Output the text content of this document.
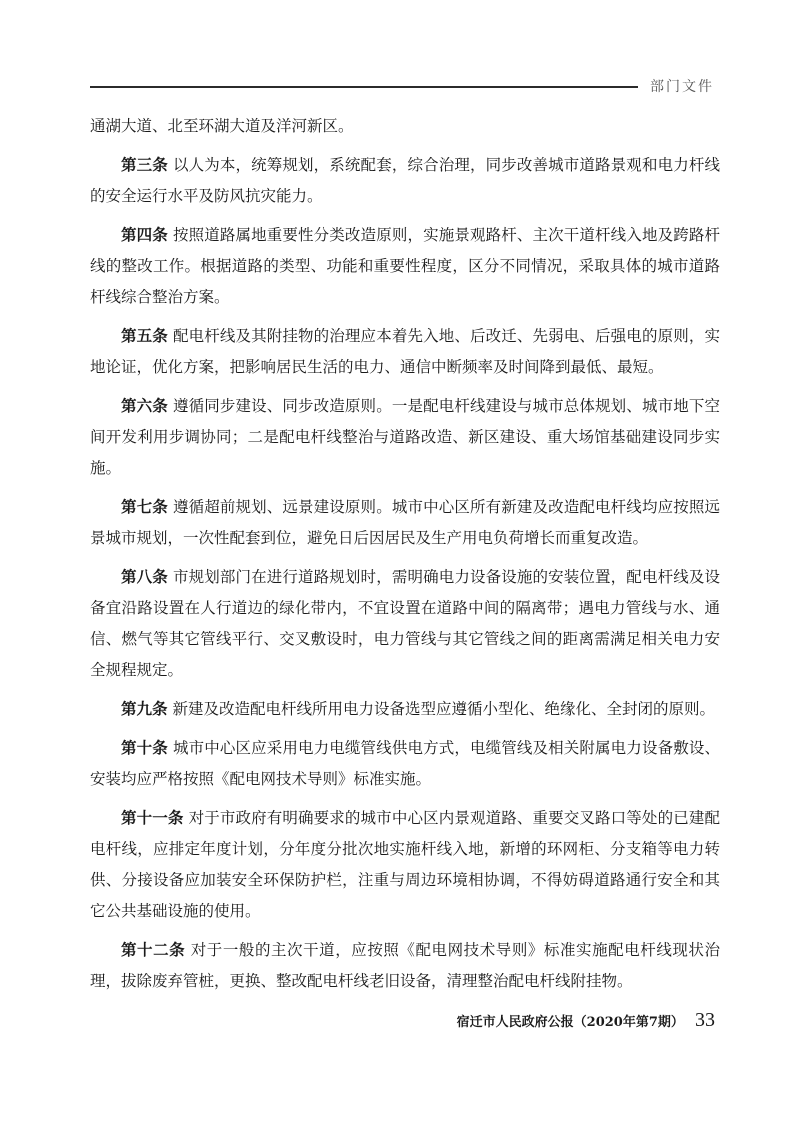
部门文件

通湖大道、北至环湖大道及洋河新区。

第三条 以人为本，统筹规划，系统配套，综合治理，同步改善城市道路景观和电力杆线的安全运行水平及防风抗灾能力。

第四条 按照道路属地重要性分类改造原则，实施景观路杆、主次干道杆线入地及跨路杆线的整改工作。根据道路的类型、功能和重要性程度，区分不同情况，采取具体的城市道路杆线综合整治方案。

第五条 配电杆线及其附挂物的治理应本着先入地、后改迁、先弱电、后强电的原则，实地论证，优化方案，把影响居民生活的电力、通信中断频率及时间降到最低、最短。

第六条 遵循同步建设、同步改造原则。一是配电杆线建设与城市总体规划、城市地下空间开发利用步调协同；二是配电杆线整治与道路改造、新区建设、重大场馆基础建设同步实施。

第七条 遵循超前规划、远景建设原则。城市中心区所有新建及改造配电杆线均应按照远景城市规划，一次性配套到位，避免日后因居民及生产用电负荷增长而重复改造。

第八条 市规划部门在进行道路规划时，需明确电力设备设施的安装位置，配电杆线及设备宜沿路设置在人行道边的绿化带内，不宜设置在道路中间的隔离带；遇电力管线与水、通信、燃气等其它管线平行、交叉敷设时，电力管线与其它管线之间的距离需满足相关电力安全规程规定。

第九条 新建及改造配电杆线所用电力设备选型应遵循小型化、绝缘化、全封闭的原则。

第十条 城市中心区应采用电力电缆管线供电方式，电缆管线及相关附属电力设备敷设、安装均应严格按照《配电网技术导则》标准实施。

第十一条 对于市政府有明确要求的城市中心区内景观道路、重要交叉路口等处的已建配电杆线，应排定年度计划，分年度分批次地实施杆线入地，新增的环网柜、分支箱等电力转供、分接设备应加装安全环保防护栏，注重与周边环境相协调，不得妨碍道路通行安全和其它公共基础设施的使用。

第十二条 对于一般的主次干道，应按照《配电网技术导则》标准实施配电杆线现状治理，拔除废弃管桩，更换、整改配电杆线老旧设备，清理整治配电杆线附挂物。

宿迁市人民政府公报（2020年第7期） 33
